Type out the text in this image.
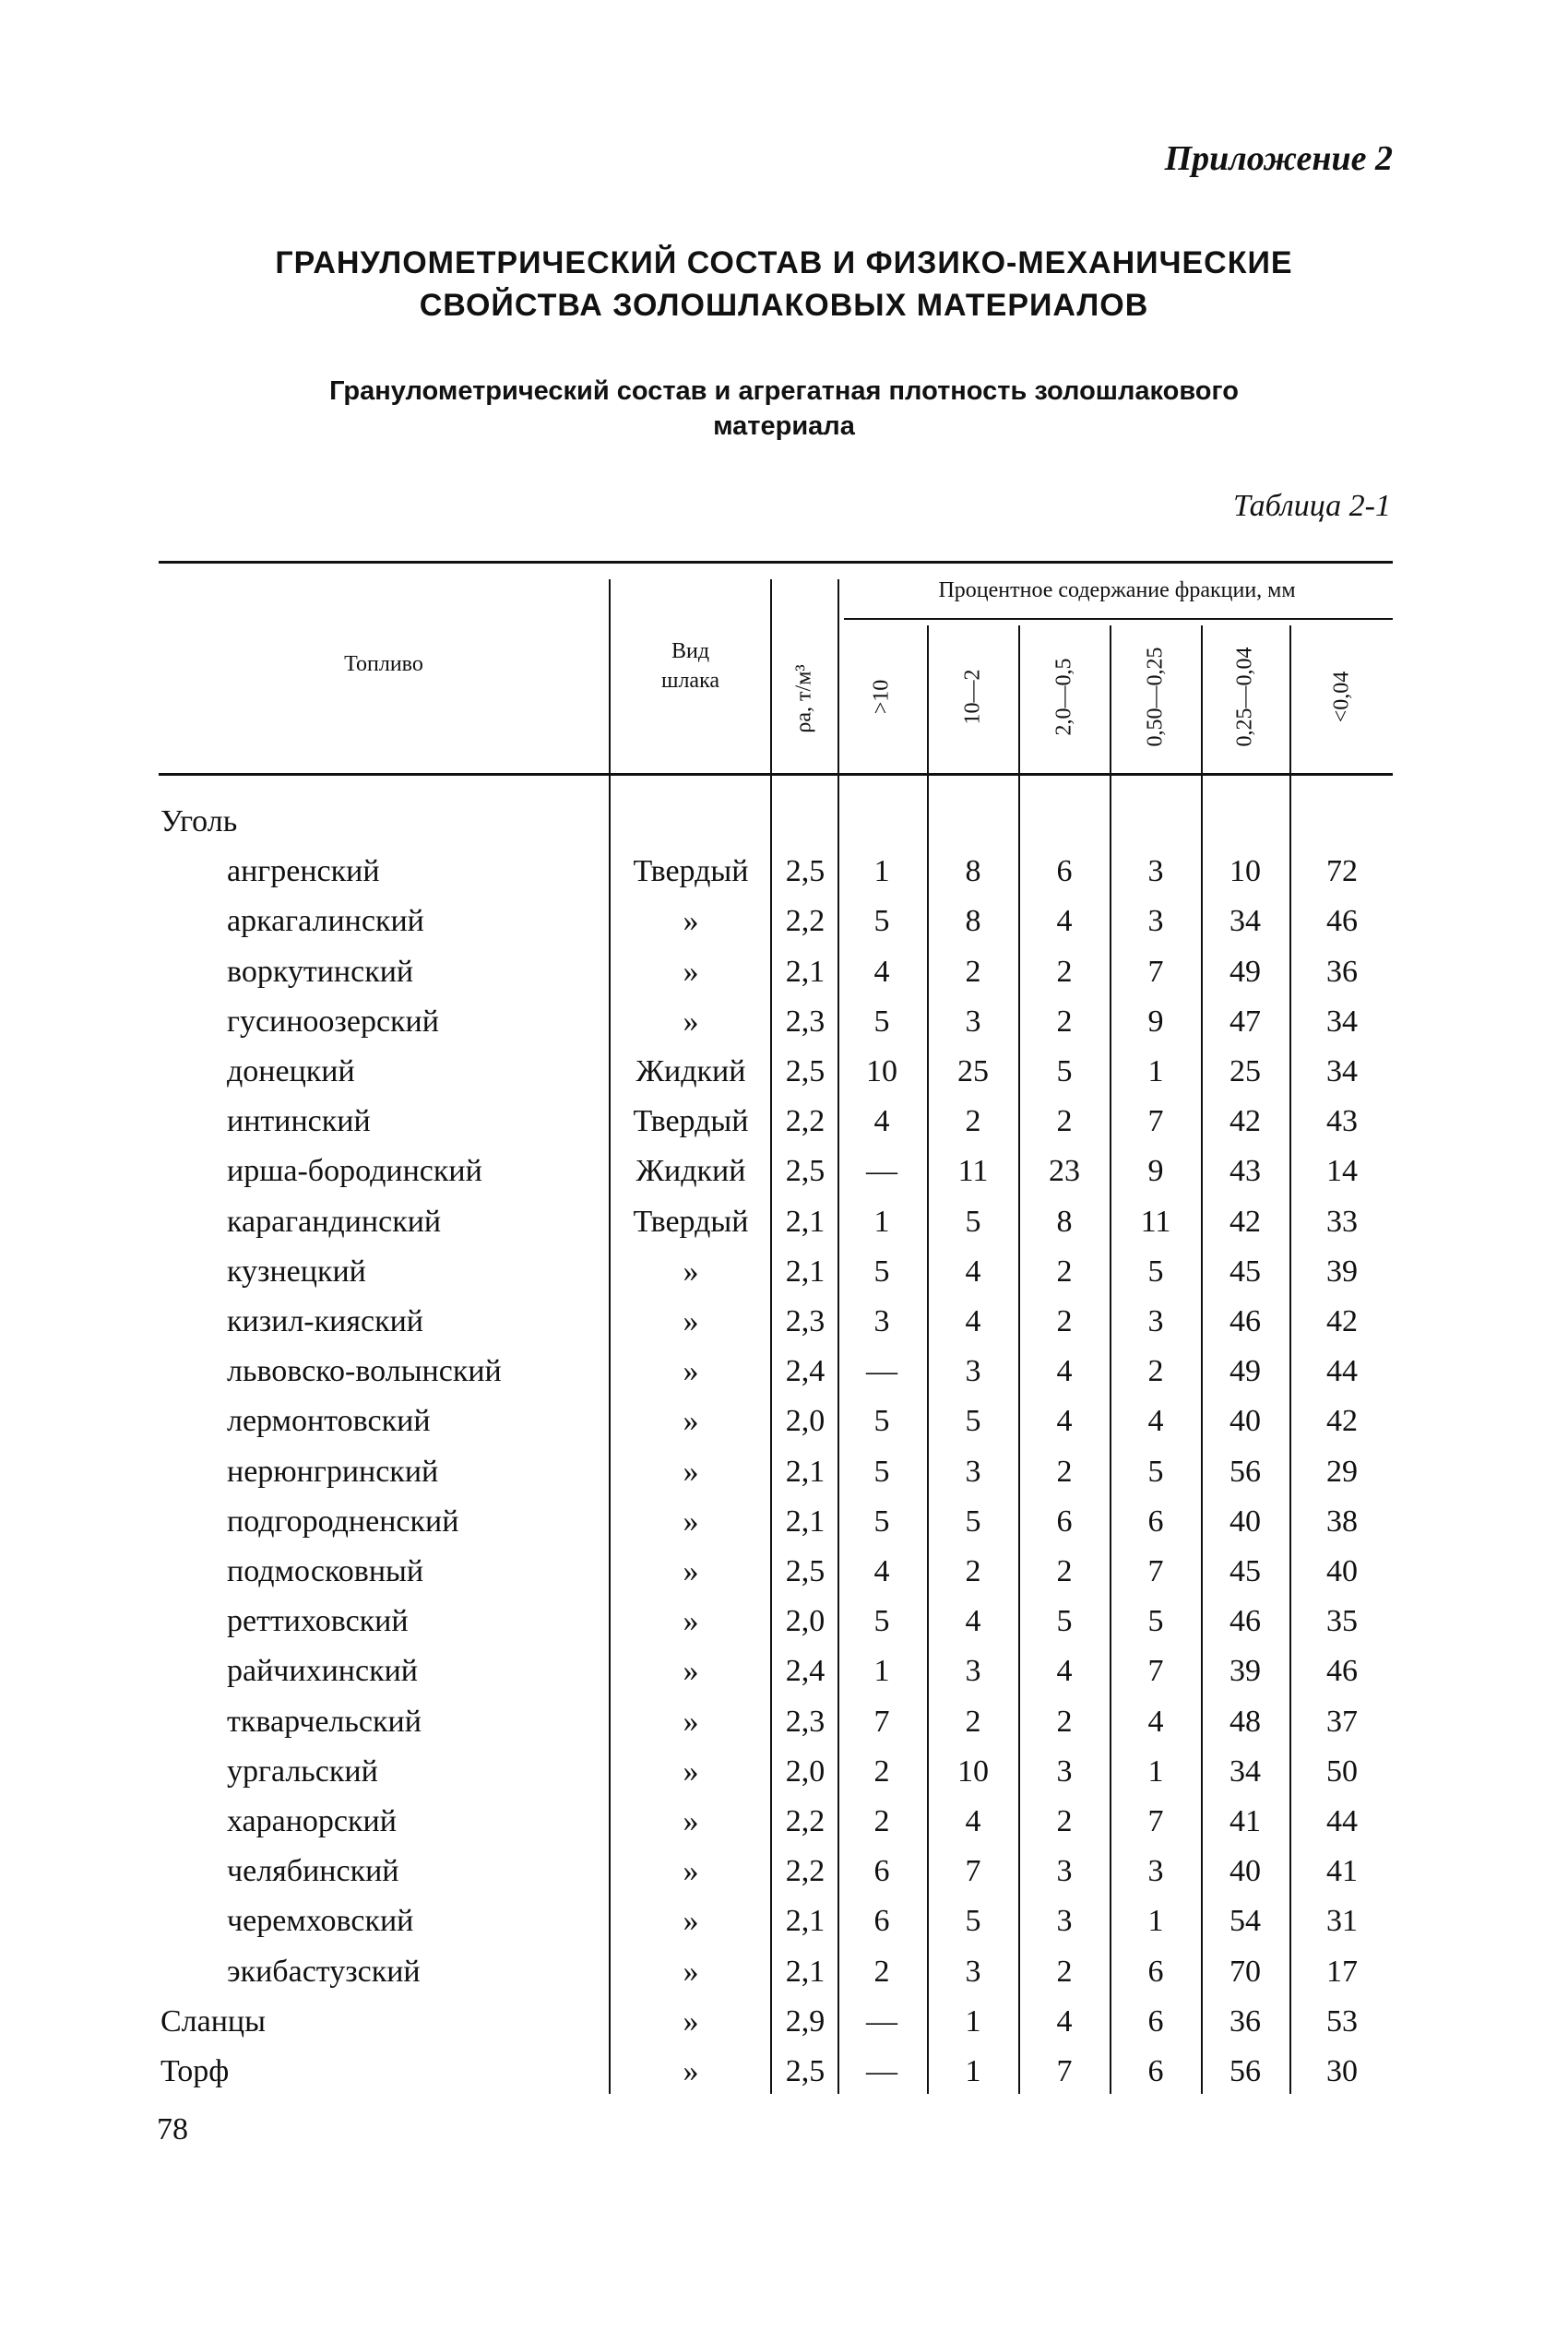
Приложение 2
ГРАНУЛОМЕТРИЧЕСКИЙ СОСТАВ И ФИЗИКО-МЕХАНИЧЕСКИЕ
СВОЙСТВА ЗОЛОШЛАКОВЫХ МАТЕРИАЛОВ
Гранулометрический состав и агрегатная плотность золошлакового
материала
Таблица 2-1
Топливо
Вид
шлака	ρа, т/м³
Процентное содержание фракции, мм
>10	10—2	2,0—0,5	0,50—0,25	0,25—0,04	<0,04
Уголь
ангренский	Твердый	2,5	1	8	6	3	10	72
аркагалинский	»	2,2	5	8	4	3	34	46
воркутинский	»	2,1	4	2	2	7	49	36
гусиноозерский	»	2,3	5	3	2	9	47	34
донецкий	Жидкий	2,5	10	25	5	1	25	34
интинский	Твердый	2,2	4	2	2	7	42	43
ирша-бородинский	Жидкий	2,5	—	11	23	9	43	14
карагандинский	Твердый	2,1	1	5	8	11	42	33
кузнецкий	»	2,1	5	4	2	5	45	39
кизил-кияский	»	2,3	3	4	2	3	46	42
львовско-волынский	»	2,4	—	3	4	2	49	44
лермонтовский	»	2,0	5	5	4	4	40	42
нерюнгринский	»	2,1	5	3	2	5	56	29
подгородненский	»	2,1	5	5	6	6	40	38
подмосковный	»	2,5	4	2	2	7	45	40
реттиховский	»	2,0	5	4	5	5	46	35
райчихинский	»	2,4	1	3	4	7	39	46
ткварчельский	»	2,3	7	2	2	4	48	37
ургальский	»	2,0	2	10	3	1	34	50
харанорский	»	2,2	2	4	2	7	41	44
челябинский	»	2,2	6	7	3	3	40	41
черемховский	»	2,1	6	5	3	1	54	31
экибастузский	»	2,1	2	3	2	6	70	17
Сланцы	»	2,9	—	1	4	6	36	53
Торф	»	2,5	—	1	7	6	56	30
78
